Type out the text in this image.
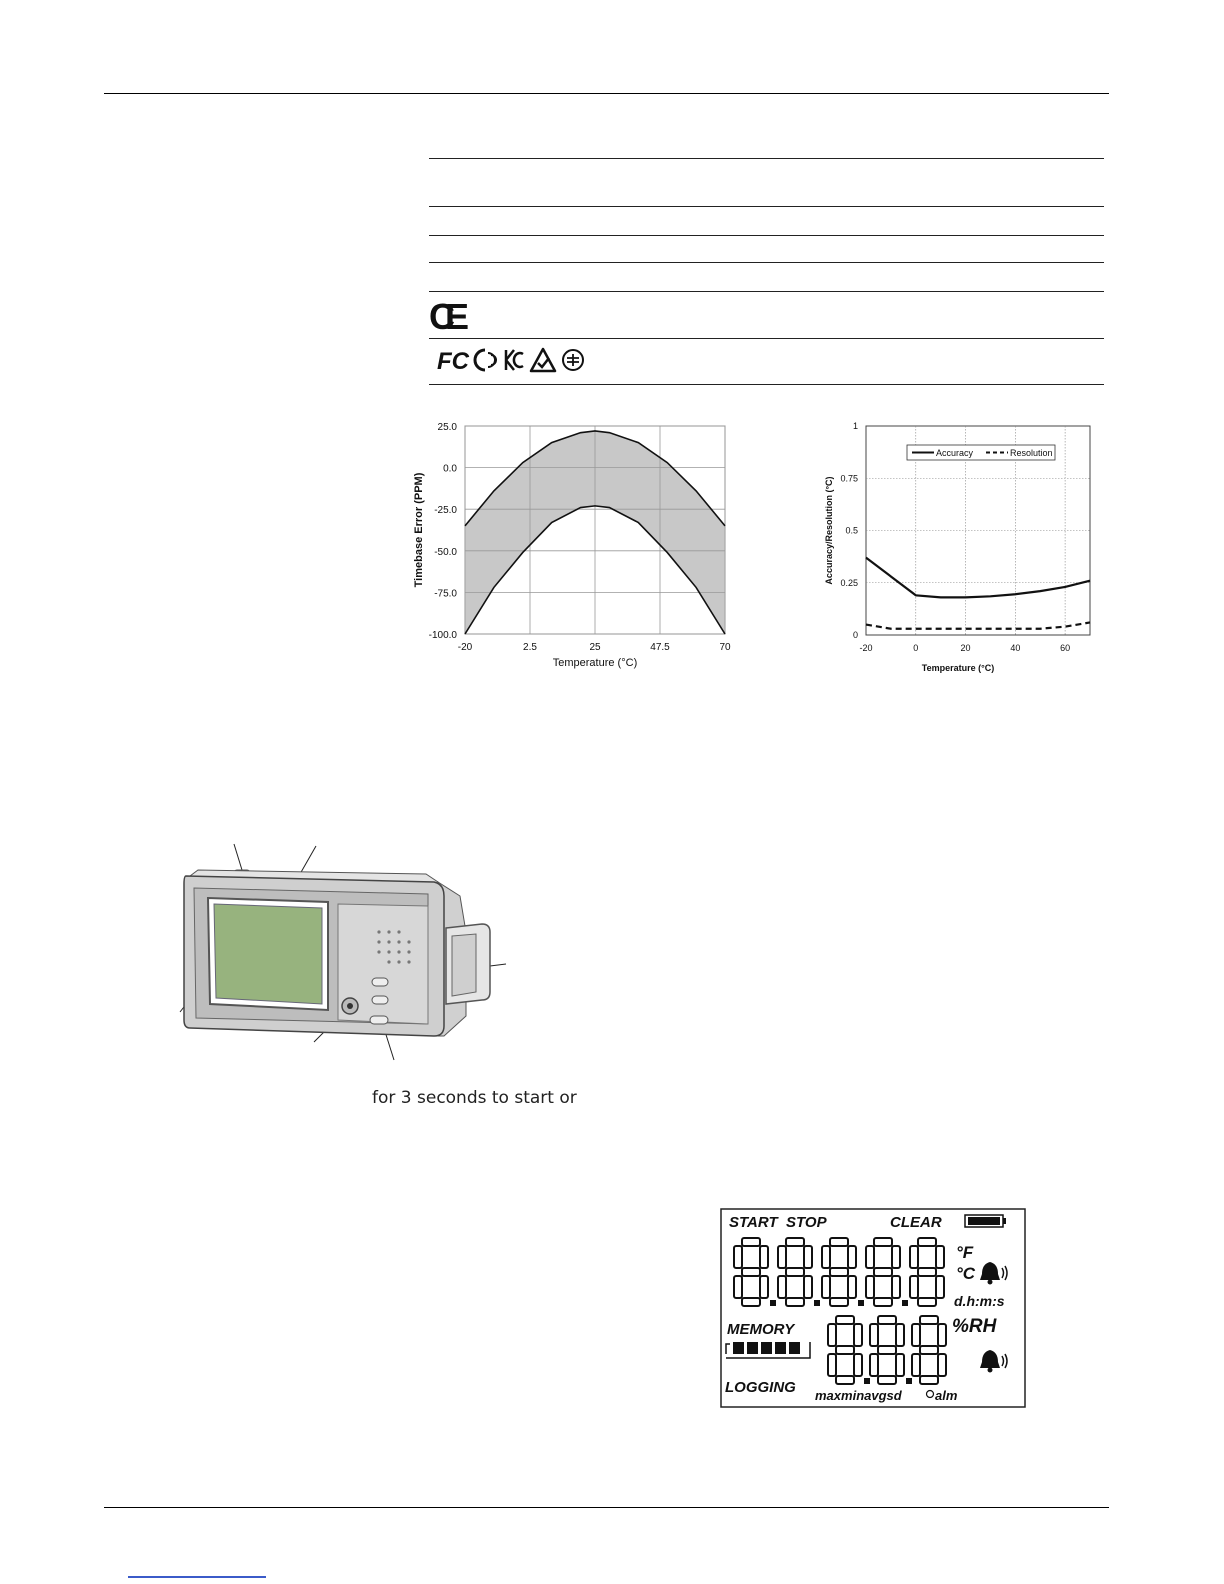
CE
FC
-20	2.5	25	47.5	70
25.0
0.0
-25.0
-50.0
-75.0
-100.0
Temperature (°C)
Timebase Error (PPM)
Accuracy	Resolution
-20	0	20	40	60
1
0.75
0.5
0.25
0
Temperature (°C)
Accuracy/Resolution (°C)
for 3 seconds to start or
START STOP	CLEAR
°F
°C
d.h:m:s
MEMORY	%RH
LOGGING maxminavgsd	alm
